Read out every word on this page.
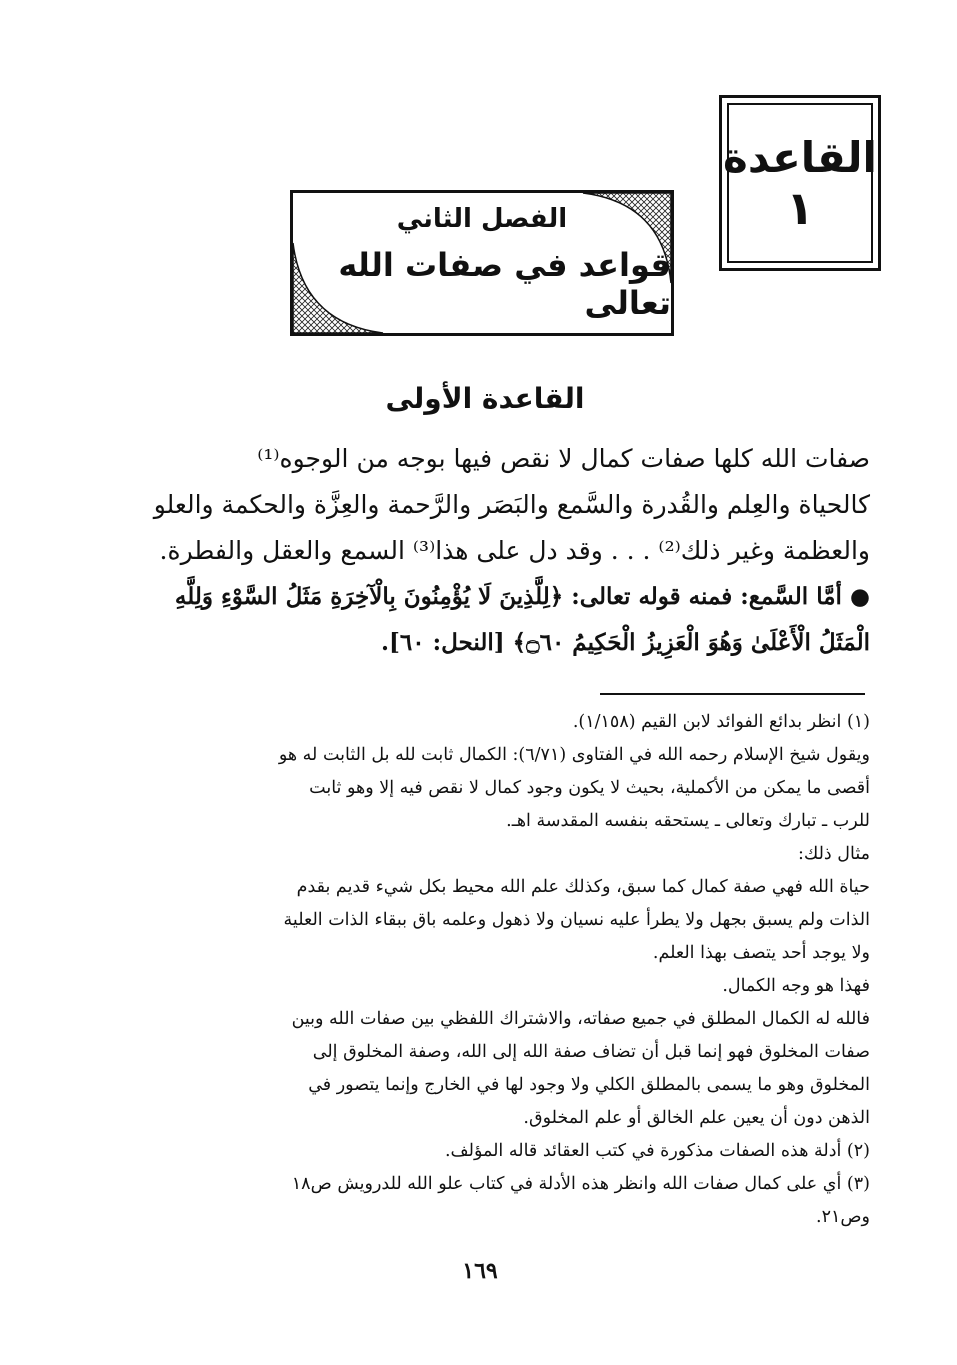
القاعدة
١
الفصل الثاني
قواعد في صفات الله تعالى
القاعدة الأولى
صفات الله كلها صفات كمال لا نقص فيها بوجه من الوجوه⁽¹⁾
كالحياة والعِلم والقُدرة والسَّمع والبَصَر والرَّحمة والعِزَّة والحكمة والعلو
والعظمة وغير ذلك⁽²⁾ . . . وقد دل على هذا⁽³⁾ السمع والعقل والفطرة.
● أمَّا السَّمع: فمنه قوله تعالى: ﴿لِلَّذِينَ لَا يُؤْمِنُونَ بِالْآخِرَةِ مَثَلُ السَّوْءِ وَلِلَّهِ
الْمَثَلُ الْأَعْلَىٰ وَهُوَ الْعَزِيزُ الْحَكِيمُ ۝٦٠﴾ [النحل: ٦٠].
(١) انظر بدائع الفوائد لابن القيم (١/١٥٨).
ويقول شيخ الإسلام رحمه الله في الفتاوى (٦/٧١): الكمال ثابت لله بل الثابت له هو
أقصى ما يمكن من الأكملية، بحيث لا يكون وجود كمال لا نقص فيه إلا وهو ثابت
للرب ـ تبارك وتعالى ـ يستحقه بنفسه المقدسة اهـ.
مثال ذلك:
حياة الله فهي صفة كمال كما سبق، وكذلك علم الله محيط بكل شيء قديم بقدم
الذات ولم يسبق بجهل ولا يطرأ عليه نسيان ولا ذهول وعلمه باق ببقاء الذات العلية
ولا يوجد أحد يتصف بهذا العلم.
فهذا هو وجه الكمال.
فالله له الكمال المطلق في جميع صفاته، والاشتراك اللفظي بين صفات الله وبين
صفات المخلوق فهو إنما قبل أن تضاف صفة الله إلى الله، وصفة المخلوق إلى
المخلوق وهو ما يسمى بالمطلق الكلي ولا وجود لها في الخارج وإنما يتصور في
الذهن دون أن يعين علم الخالق أو علم المخلوق.
(٢) أدلة هذه الصفات مذكورة في كتب العقائد قاله المؤلف.
(٣) أي على كمال صفات الله وانظر هذه الأدلة في كتاب علو الله للدرويش ص١٨
وص٢١.
١٦٩
